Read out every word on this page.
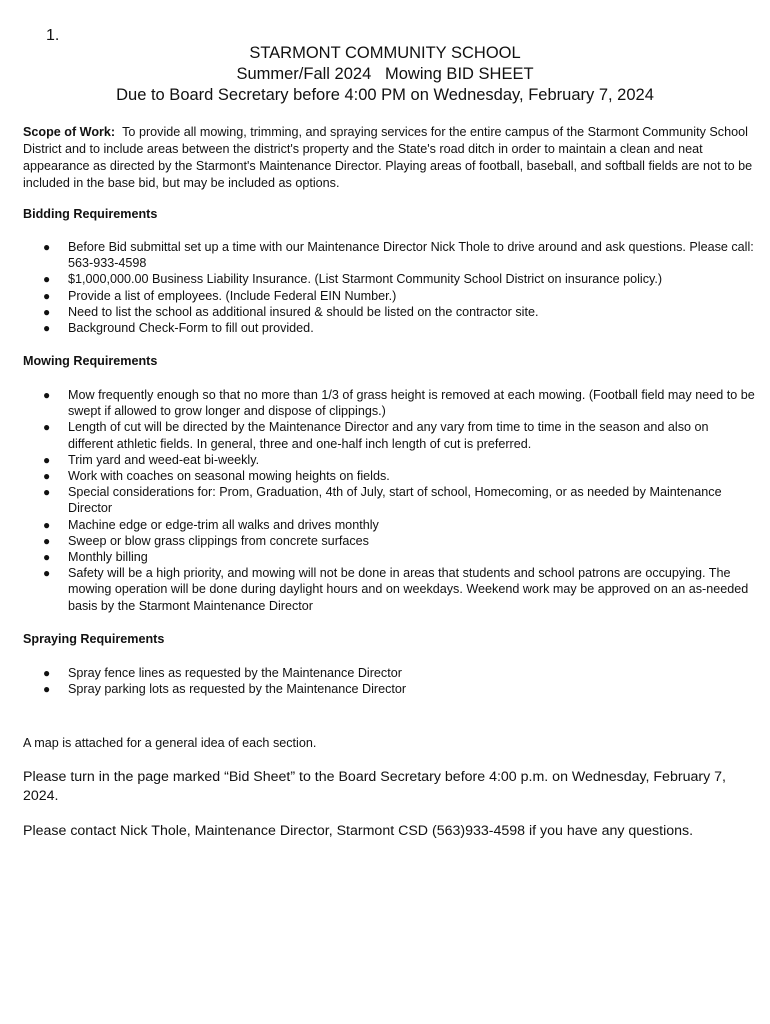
1.
STARMONT COMMUNITY SCHOOL
Summer/Fall 2024   Mowing BID SHEET
Due to Board Secretary before 4:00 PM on Wednesday, February 7, 2024
Scope of Work: To provide all mowing, trimming, and spraying services for the entire campus of the Starmont Community School District and to include areas between the district's property and the State's road ditch in order to maintain a clean and neat appearance as directed by the Starmont's Maintenance Director. Playing areas of football, baseball, and softball fields are not to be included in the base bid, but may be included as options.
Bidding Requirements
● Before Bid submittal set up a time with our Maintenance Director Nick Thole to drive around and ask questions. Please call: 563-933-4598
● $1,000,000.00 Business Liability Insurance. (List Starmont Community School District on insurance policy.)
● Provide a list of employees. (Include Federal EIN Number.)
● Need to list the school as additional insured & should be listed on the contractor site.
● Background Check-Form to fill out provided.
Mowing Requirements
● Mow frequently enough so that no more than 1/3 of grass height is removed at each mowing. (Football field may need to be swept if allowed to grow longer and dispose of clippings.)
● Length of cut will be directed by the Maintenance Director and any vary from time to time in the season and also on different athletic fields. In general, three and one-half inch length of cut is preferred.
● Trim yard and weed-eat bi-weekly.
● Work with coaches on seasonal mowing heights on fields.
● Special considerations for: Prom, Graduation, 4th of July, start of school, Homecoming, or as needed by Maintenance Director
● Machine edge or edge-trim all walks and drives monthly
● Sweep or blow grass clippings from concrete surfaces
● Monthly billing
● Safety will be a high priority, and mowing will not be done in areas that students and school patrons are occupying. The mowing operation will be done during daylight hours and on weekdays. Weekend work may be approved on an as-needed basis by the Starmont Maintenance Director
Spraying Requirements
● Spray fence lines as requested by the Maintenance Director
● Spray parking lots as requested by the Maintenance Director
A map is attached for a general idea of each section.
Please turn in the page marked “Bid Sheet” to the Board Secretary before 4:00 p.m. on Wednesday, February 7, 2024.
Please contact Nick Thole, Maintenance Director, Starmont CSD (563)933-4598 if you have any questions.
